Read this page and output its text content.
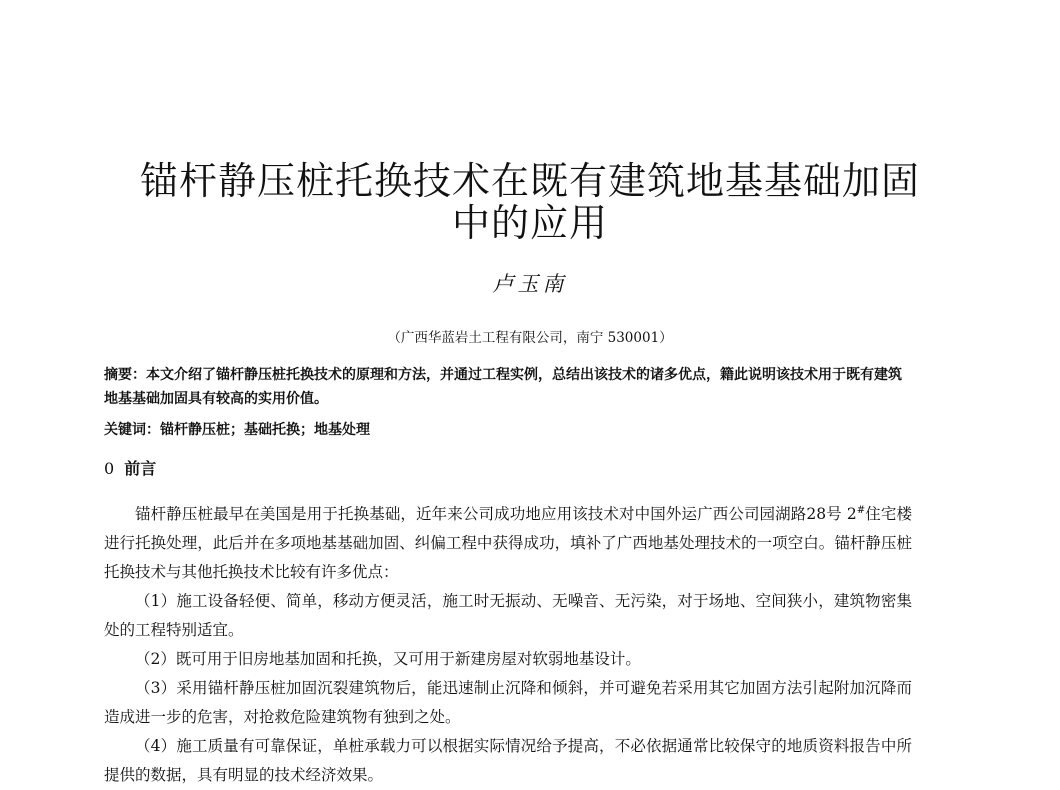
锚杆静压桩托换技术在既有建筑地基基础加固
中的应用
卢玉南
（广西华蓝岩土工程有限公司，南宁 530001）
摘要：本文介绍了锚杆静压桩托换技术的原理和方法，并通过工程实例，总结出该技术的诸多优点，籍此说明该技术用于既有建筑地基基础加固具有较高的实用价值。
关键词：锚杆静压桩；基础托换；地基处理
0 前言

锚杆静压桩最早在美国是用于托换基础，近年来公司成功地应用该技术对中国外运广西公司园湖路28号 2#住宅楼进行托换处理，此后并在多项地基基础加固、纠偏工程中获得成功，填补了广西地基处理技术的一项空白。锚杆静压桩托换技术与其他托换技术比较有许多优点：

（1）施工设备轻便、简单，移动方便灵活，施工时无振动、无噪音、无污染，对于场地、空间狭小，建筑物密集处的工程特别适宜。

（2）既可用于旧房地基加固和托换，又可用于新建房屋对软弱地基设计。

（3）采用锚杆静压桩加固沉裂建筑物后，能迅速制止沉降和倾斜，并可避免若采用其它加固方法引起附加沉降而造成进一步的危害，对抢救危险建筑物有独到之处。

（4）施工质量有可靠保证，单桩承载力可以根据实际情况给予提高，不必依据通常比较保守的地质资料报告中所提供的数据，具有明显的技术经济效果。
